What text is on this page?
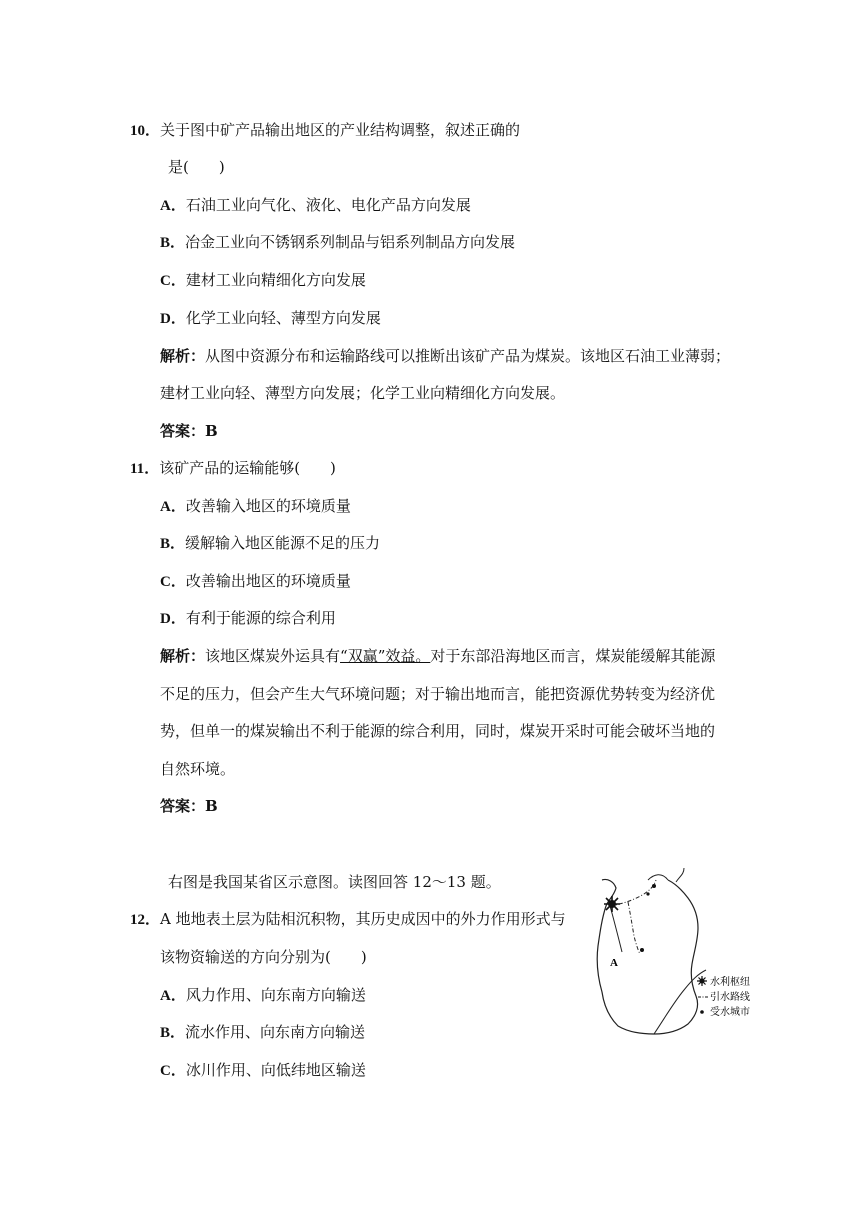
10．关于图中矿产品输出地区的产业结构调整，叙述正确的
是(　　)
A．石油工业向气化、液化、电化产品方向发展
B．冶金工业向不锈钢系列制品与铝系列制品方向发展
C．建材工业向精细化方向发展
D．化学工业向轻、薄型方向发展
解析：从图中资源分布和运输路线可以推断出该矿产品为煤炭。该地区石油工业薄弱；
建材工业向轻、薄型方向发展；化学工业向精细化方向发展。
答案：B
11．该矿产品的运输能够(　　)
A．改善输入地区的环境质量
B．缓解输入地区能源不足的压力
C．改善输出地区的环境质量
D．有利于能源的综合利用
解析：该地区煤炭外运具有“双赢”效益。对于东部沿海地区而言，煤炭能缓解其能源
不足的压力，但会产生大气环境问题；对于输出地而言，能把资源优势转变为经济优
势，但单一的煤炭输出不利于能源的综合利用，同时，煤炭开采时可能会破坏当地的
自然环境。
答案：B
右图是我国某省区示意图。读图回答 12～13 题。
12．A 地地表土层为陆相沉积物，其历史成因中的外力作用形式与
该物资输送的方向分别为(　　)
A．风力作用、向东南方向输送
B．流水作用、向东南方向输送
C．冰川作用、向低纬地区输送
A
水利枢纽
引水路线
受水城市
